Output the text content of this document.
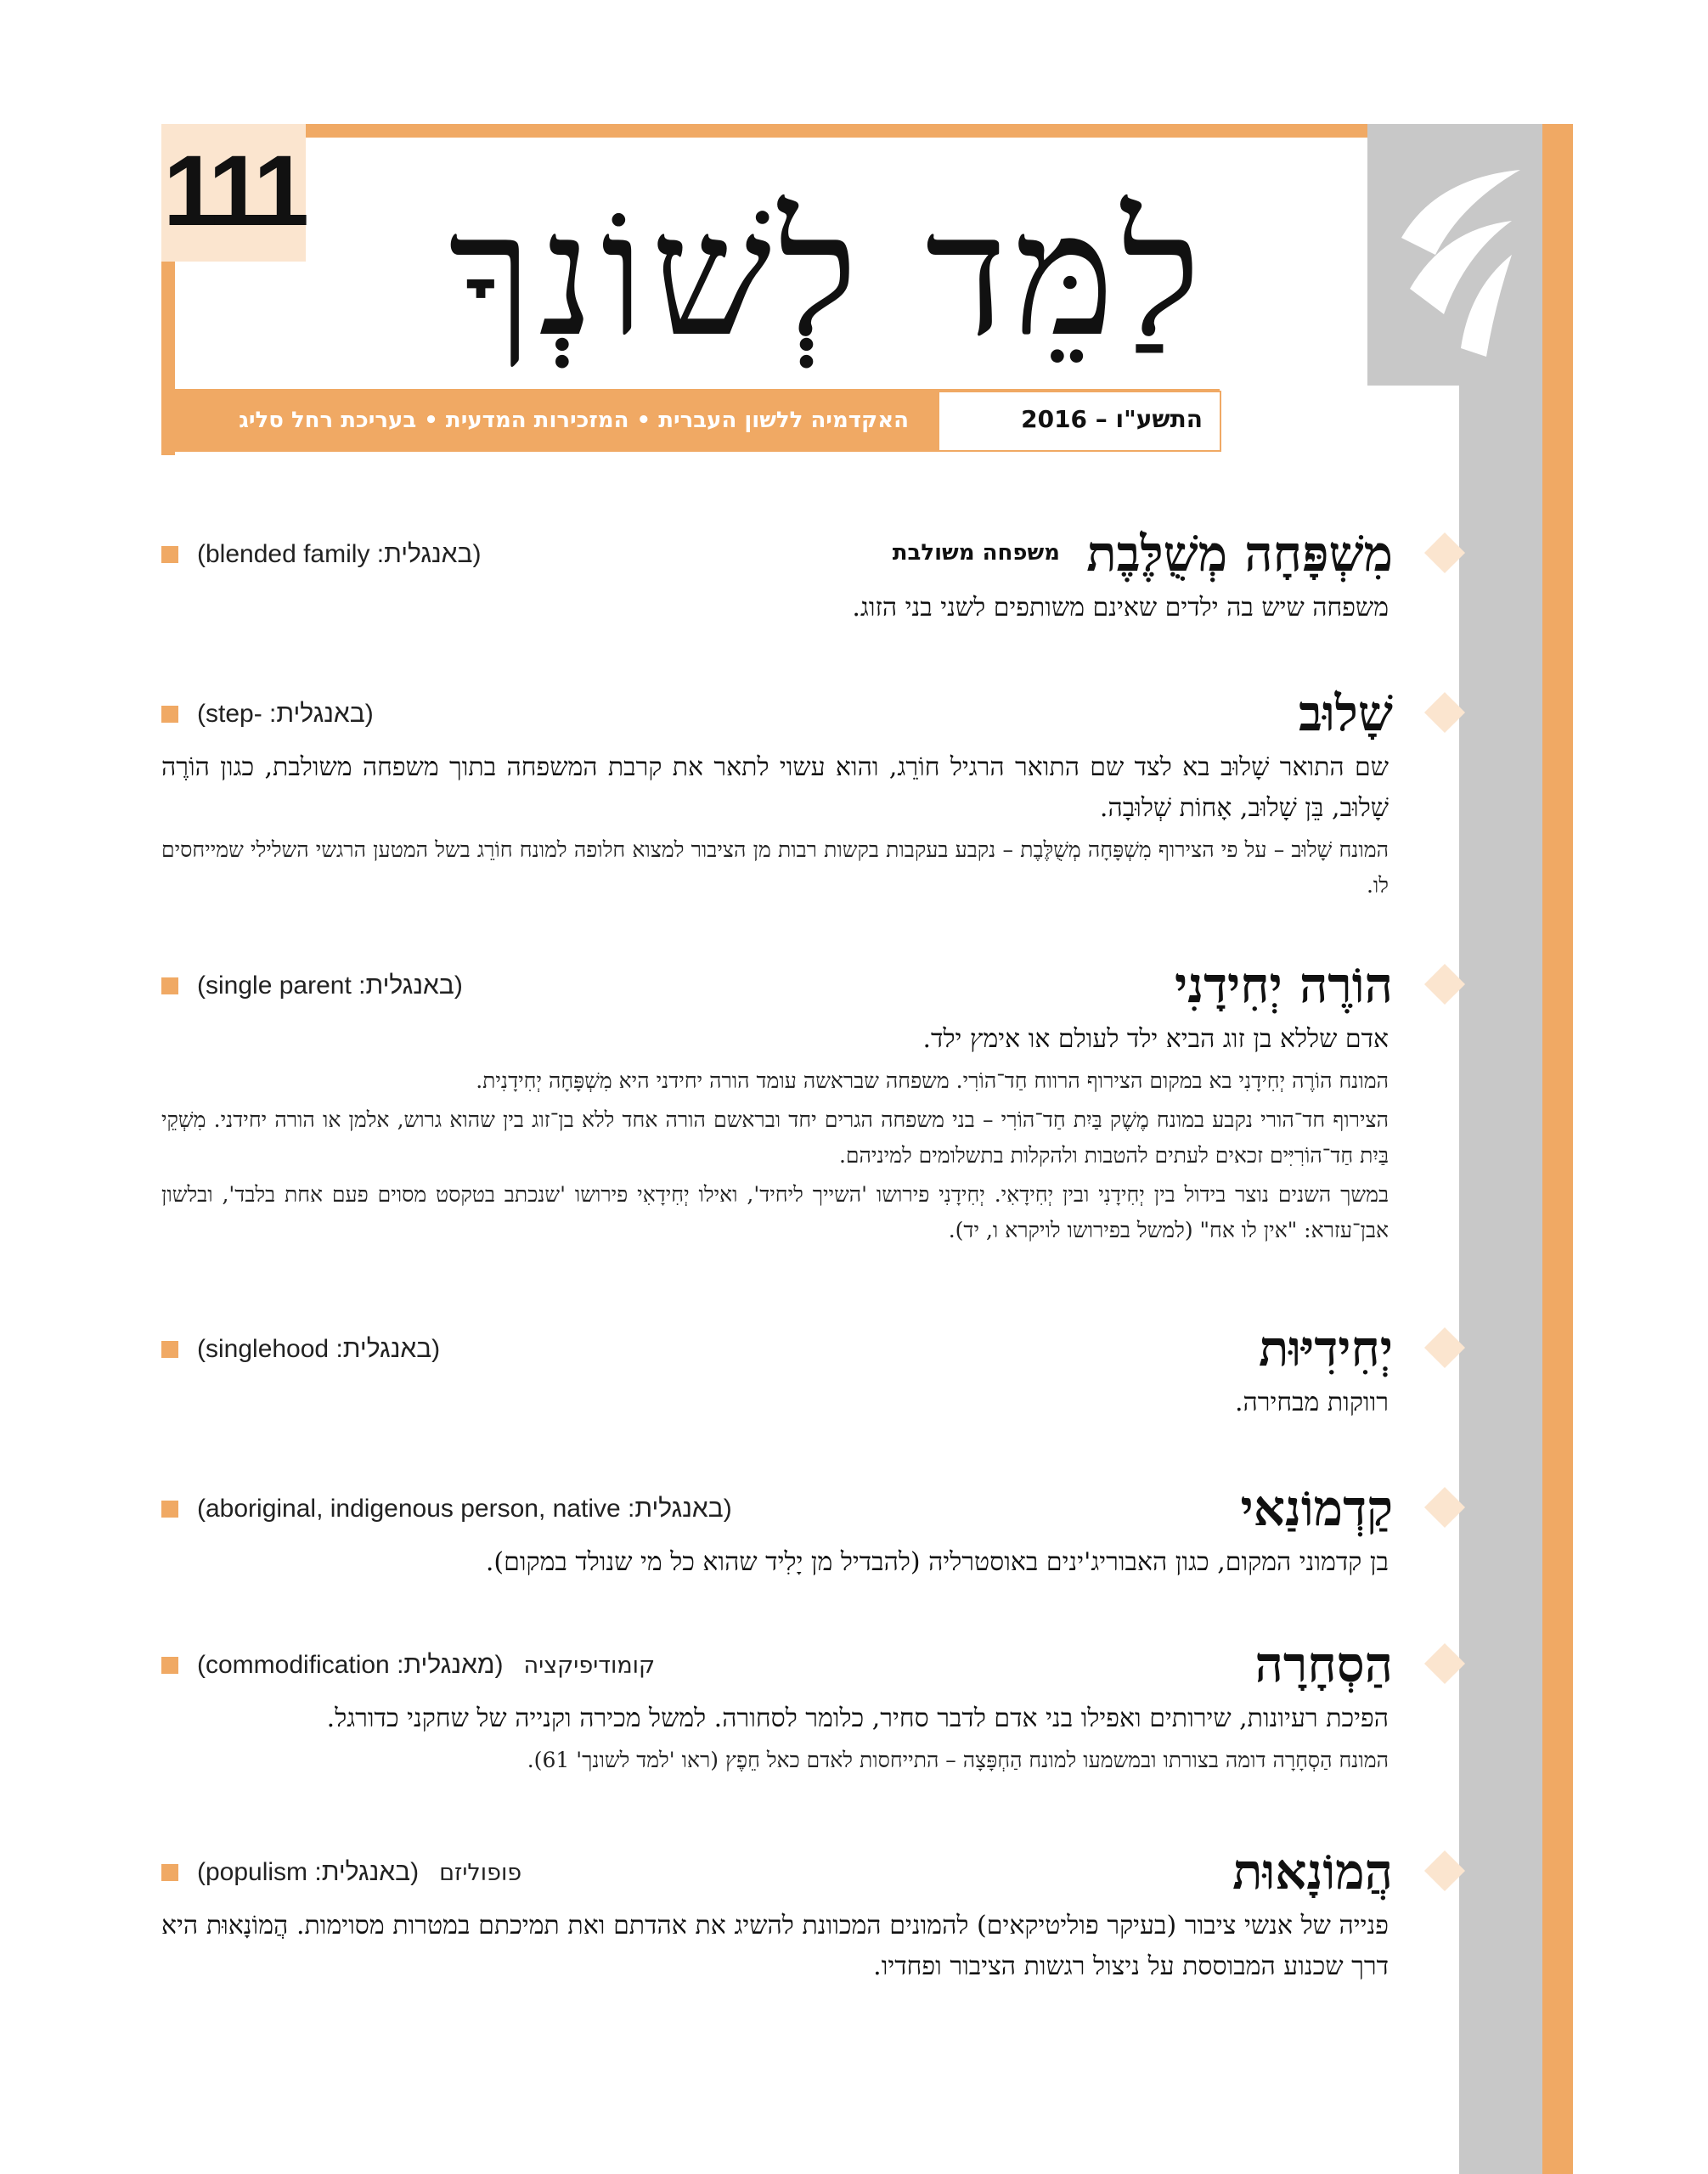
111 לַמֵּד לְשׁוֹנְךָ
האקדמיה ללשון העברית • המזכירות המדעית • בעריכת רחל סליג	התשע"ו – 2016
מִשְׁפָּחָה מְשֻׁלֶּבֶת
משפחה משולבת
(blended family :באנגלית)
משפחה שיש בה ילדים שאינם משותפים לשני בני הזוג.
שָׁלוּב
(step- :באנגלית)
שם התואר שָׁלוּב בא לצד שם התואר הרגיל חוֹרֵג, והוא עשוי לתאר את קרבת המשפחה בתוך משפחה משולבת, כגון הוֹרֶה שָׁלוּב, בֵּן שָׁלוּב, אָחוֹת שְׁלוּבָה.
המונח שָׁלוּב – על פי הצירוף מִשְׁפָּחָה מְשֻׁלֶּבֶת – נקבע בעקבות בקשות רבות מן הציבור למצוא חלופה למונח חוֹרֵג בשל המטען הרגשי השלילי שמייחסים לו.
הוֹרֶה יְחִידָנִי
(single parent :באנגלית)
אדם שללא בן זוג הביא ילד לעולם או אימץ ילד.
המונח הוֹרֶה יְחִידָנִי בא במקום הצירוף הרווח חַד־הוֹרִי. משפחה שבראשה עומד הורה יחידני היא מִשְׁפָּחָה יְחִידָנִית.
הצירוף חד־הורי נקבע במונח מֶשֶׁק בַּיִת חַד־הוֹרִי – בני משפחה הגרים יחד ובראשם הורה אחד ללא בן־זוג בין שהוא גרוש, אלמן או הורה יחידני. מִשְׁקֵי בַּיִת חַד־הוֹרִיִּים זכאים לעתים להטבות ולהקלות בתשלומים למיניהם.
במשך השנים נוצר בידול בין יְחִידָנִי ובין יְחִידָאִי. יְחִידָנִי פירושו 'השייך ליחיד', ואילו יְחִידָאִי פירושו 'שנכתב בטקסט מסוים פעם אחת בלבד', ובלשון אבן־עזרא: "אין לו אח" (למשל בפירושו לויקרא ו, יד).
יְחִידִיּוּת
(singlehood :באנגלית)
רווקות מבחירה.
קַדְמוֹנַאי
(aboriginal, indigenous person, native :באנגלית)
בן קדמוני המקום, כגון האבוריג'ינים באוסטרליה (להבדיל מן יָלִיד שהוא כל מי שנולד במקום).
הַסְחָרָה
(commodification :מאנגלית) קומודיפיקציה
הפיכת רעיונות, שירותים ואפילו בני אדם לדבר סחיר, כלומר לסחורה. למשל מכירה וקנייה של שחקני כדורגל.
המונח הַסְחָרָה דומה בצורתו ובמשמעו למונח הַחְפָּצָה – התייחסות לאדם כאל חֵפֶץ (ראו 'למד לשונך' 61).
הֲמוֹנָאוּת
(populism :באנגלית) פופוליזם
פנייה של אנשי ציבור (בעיקר פוליטיקאים) להמונים המכוונת להשיג את אהדתם ואת תמיכתם במטרות מסוימות. הֲמוֹנָאוּת היא דרך שכנוע המבוססת על ניצול רגשות הציבור ופחדיו.
